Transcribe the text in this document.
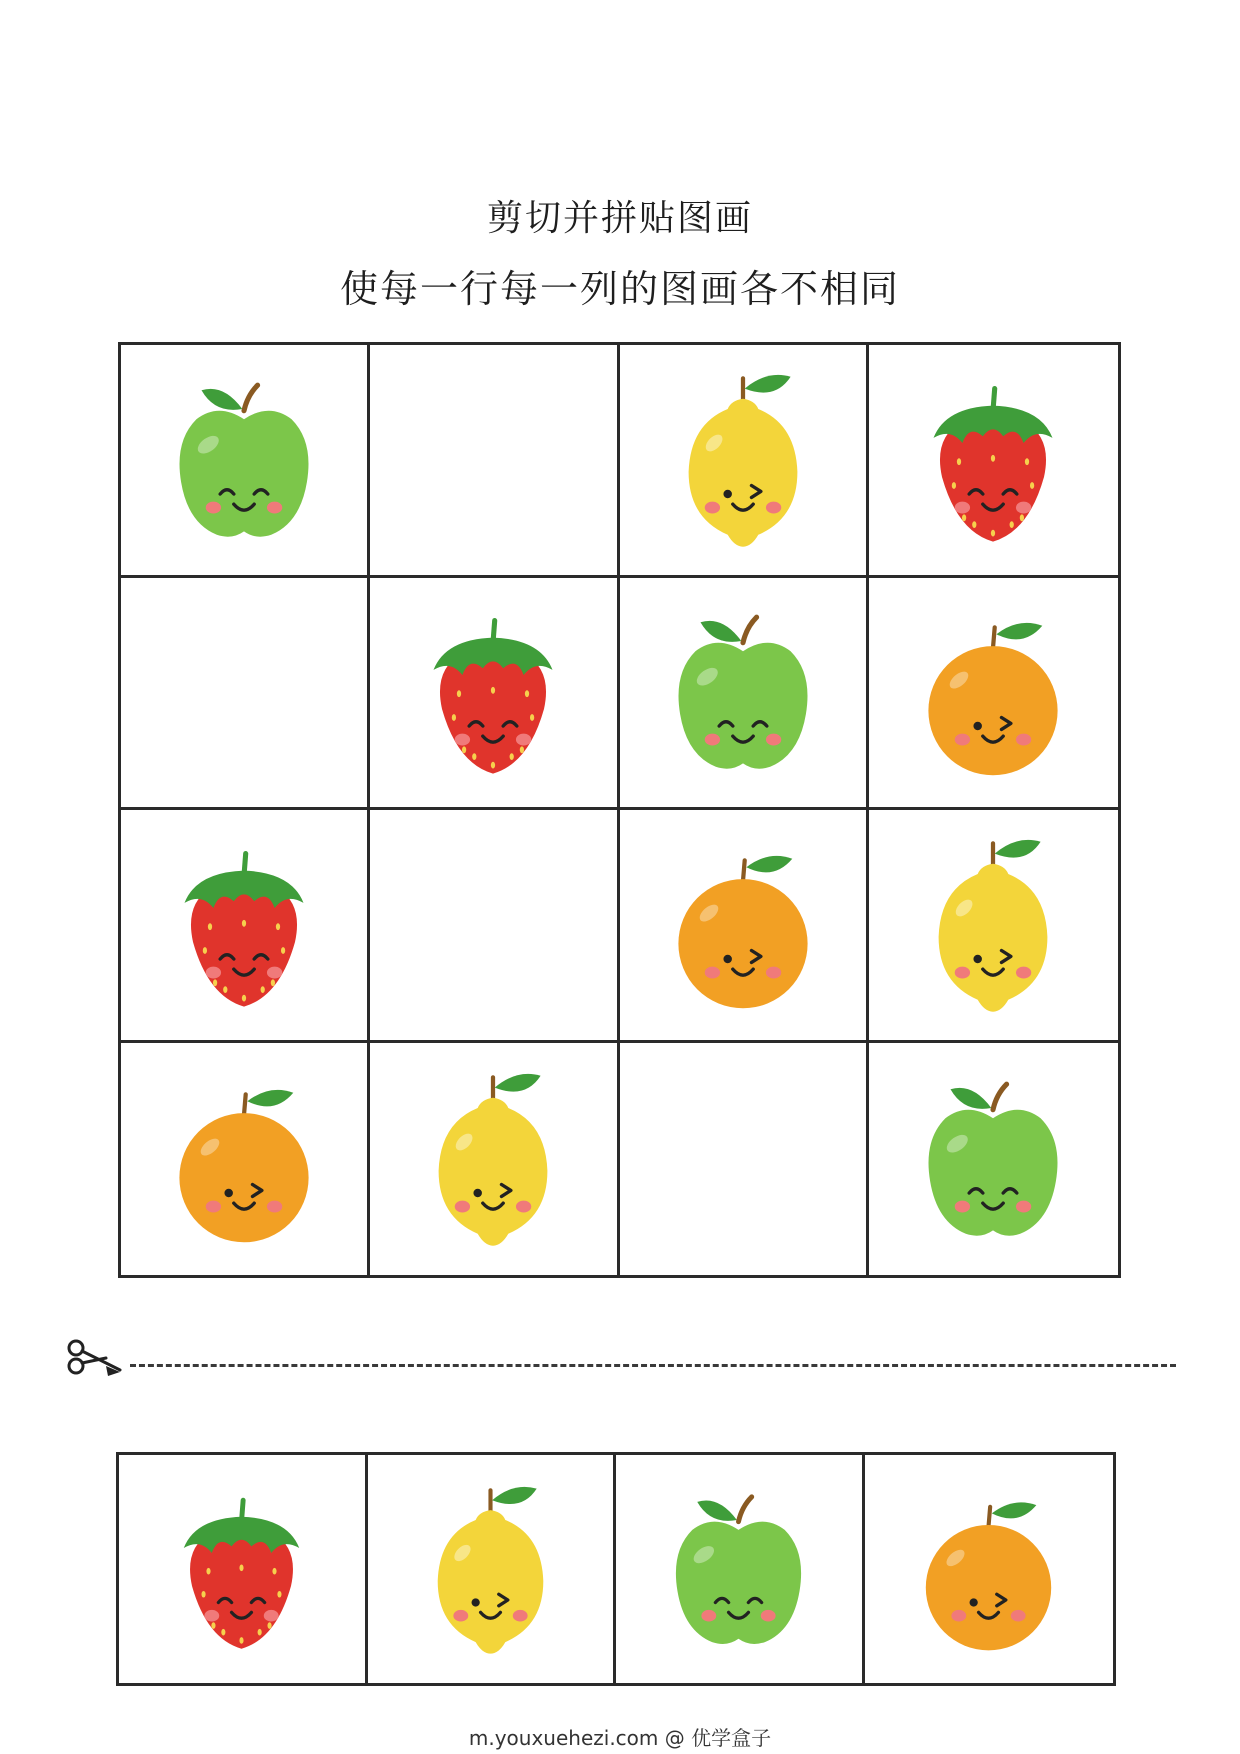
剪切并拼贴图画
使每一行每一列的图画各不相同
m.youxuehezi.com @ 优学盒子
